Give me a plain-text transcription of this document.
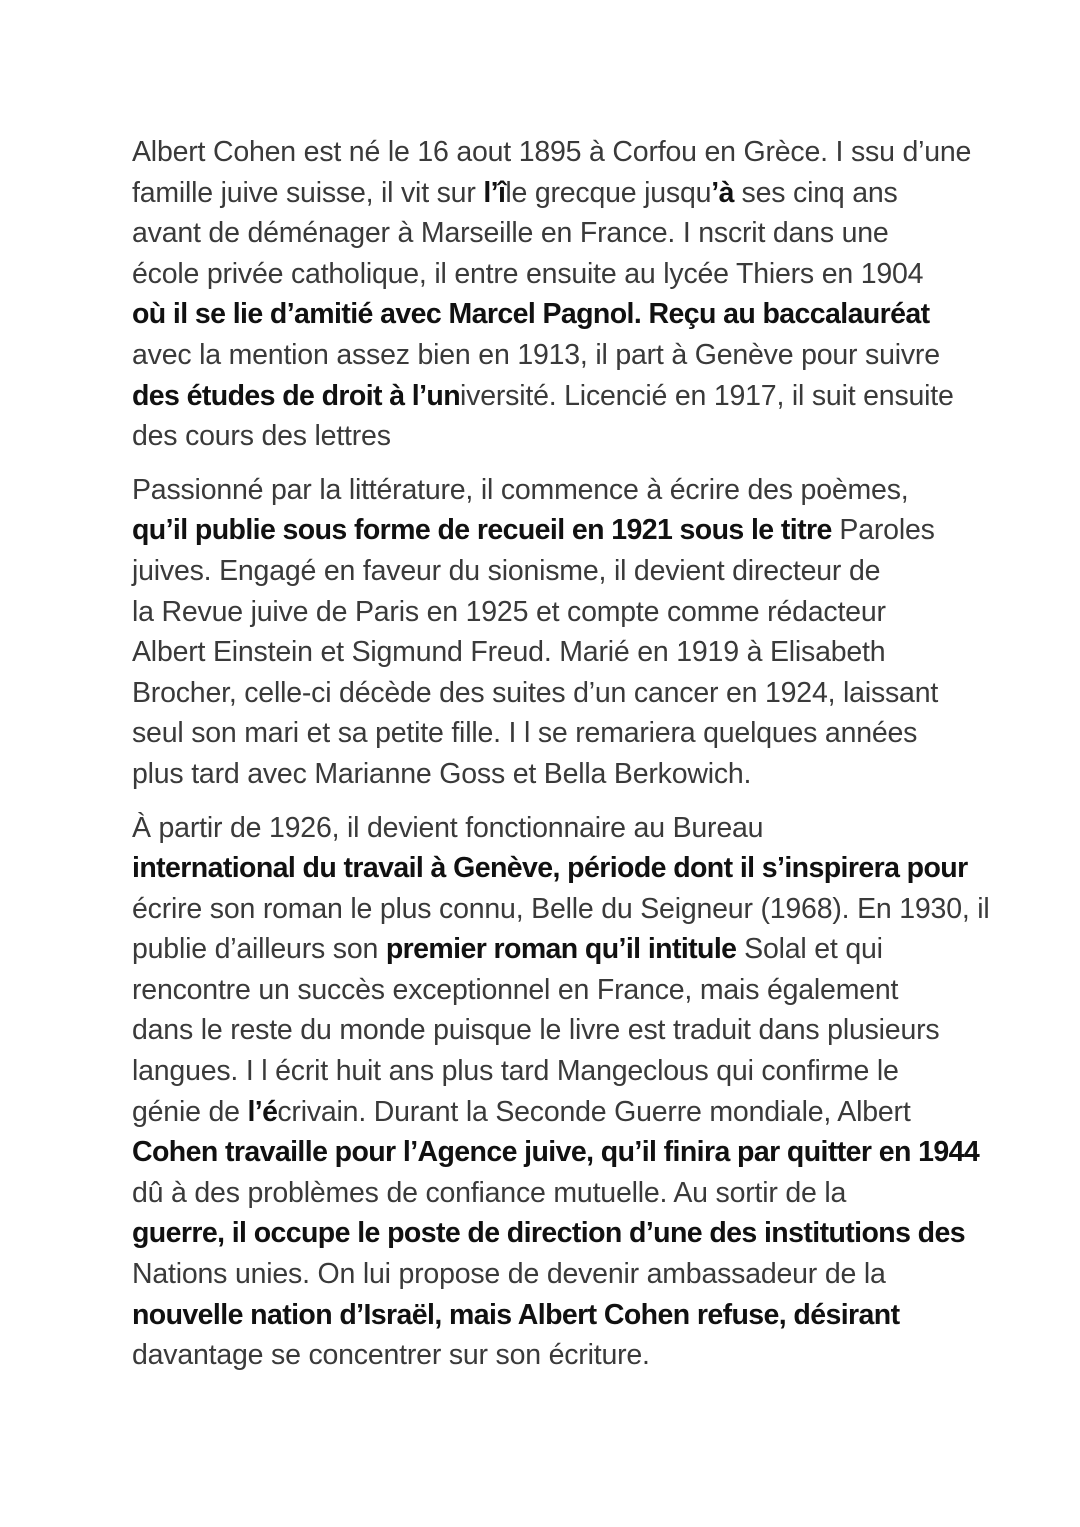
Albert Cohen est né le 16 aout 1895 à Corfou en Grèce. I ssu d’une
famille juive suisse, il vit sur l’île grecque jusqu’à ses cinq ans
avant de déménager à Marseille en France. I nscrit dans une
école privée catholique, il entre ensuite au lycée Thiers en 1904
où il se lie d’amitié avec Marcel Pagnol. Reçu au baccalauréat
avec la mention assez bien en 1913, il part à Genève pour suivre
des études de droit à l’université. Licencié en 1917, il suit ensuite
des cours des lettres
Passionné par la littérature, il commence à écrire des poèmes,
qu’il publie sous forme de recueil en 1921 sous le titre Paroles
juives. Engagé en faveur du sionisme, il devient directeur de
la Revue juive de Paris en 1925 et compte comme rédacteur
Albert Einstein et Sigmund Freud. Marié en 1919 à Elisabeth
Brocher, celle-ci décède des suites d’un cancer en 1924, laissant
seul son mari et sa petite fille. I l se remariera quelques années
plus tard avec Marianne Goss et Bella Berkowich.
À partir de 1926, il devient fonctionnaire au Bureau
international du travail à Genève, période dont il s’inspirera pour
écrire son roman le plus connu, Belle du Seigneur (1968). En 1930, il
publie d’ailleurs son premier roman qu’il intitule Solal et qui
rencontre un succès exceptionnel en France, mais également
dans le reste du monde puisque le livre est traduit dans plusieurs
langues. I l écrit huit ans plus tard Mangeclous qui confirme le
génie de l’écrivain. Durant la Seconde Guerre mondiale, Albert
Cohen travaille pour l’Agence juive, qu’il finira par quitter en 1944
dû à des problèmes de confiance mutuelle. Au sortir de la
guerre, il occupe le poste de direction d’une des institutions des
Nations unies. On lui propose de devenir ambassadeur de la
nouvelle nation d’Israël, mais Albert Cohen refuse, désirant
davantage se concentrer sur son écriture.
